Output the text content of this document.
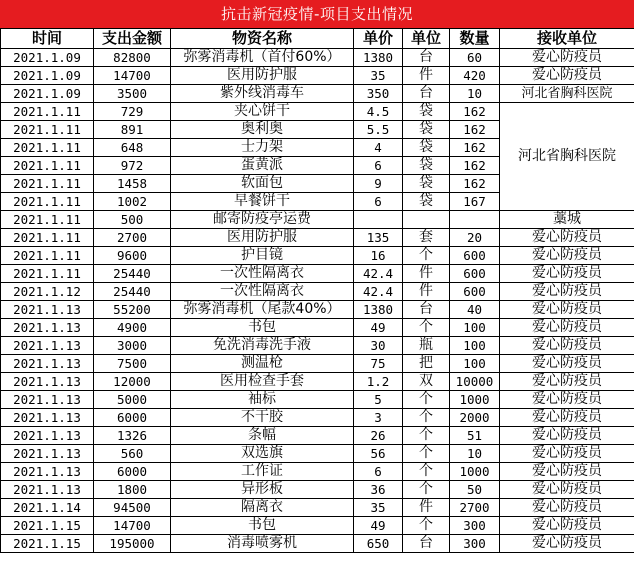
抗击新冠疫情-项目支出情况
时间	支出金额	物资名称	单价	单位	数量	接收单位
2021.1.09	82800	弥雾消毒机（首付60%）	1380	台	60	爱心防疫员
2021.1.09	14700	医用防护服	35	件	420	爱心防疫员
2021.1.09	3500	紫外线消毒车	350	台	10	河北省胸科医院
2021.1.11	729	夹心饼干	4.5	袋	162	河北省胸科医院
2021.1.11	891	奥利奥	5.5	袋	162	
2021.1.11	648	士力架	4	袋	162	
2021.1.11	972	蛋黄派	6	袋	162	
2021.1.11	1458	软面包	9	袋	162	
2021.1.11	1002	早餐饼干	6	袋	167	
2021.1.11	500	邮寄防疫亭运费				藁城
2021.1.11	2700	医用防护服	135	套	20	爱心防疫员
2021.1.11	9600	护目镜	16	个	600	爱心防疫员
2021.1.11	25440	一次性隔离衣	42.4	件	600	爱心防疫员
2021.1.12	25440	一次性隔离衣	42.4	件	600	爱心防疫员
2021.1.13	55200	弥雾消毒机（尾款40%）	1380	台	40	爱心防疫员
2021.1.13	4900	书包	49	个	100	爱心防疫员
2021.1.13	3000	免洗消毒洗手液	30	瓶	100	爱心防疫员
2021.1.13	7500	测温枪	75	把	100	爱心防疫员
2021.1.13	12000	医用检查手套	1.2	双	10000	爱心防疫员
2021.1.13	5000	袖标	5	个	1000	爱心防疫员
2021.1.13	6000	不干胶	3	个	2000	爱心防疫员
2021.1.13	1326	条幅	26	个	51	爱心防疫员
2021.1.13	560	双选旗	56	个	10	爱心防疫员
2021.1.13	6000	工作证	6	个	1000	爱心防疫员
2021.1.13	1800	异形板	36	个	50	爱心防疫员
2021.1.14	94500	隔离衣	35	件	2700	爱心防疫员
2021.1.15	14700	书包	49	个	300	爱心防疫员
2021.1.15	195000	消毒喷雾机	650	台	300	爱心防疫员
